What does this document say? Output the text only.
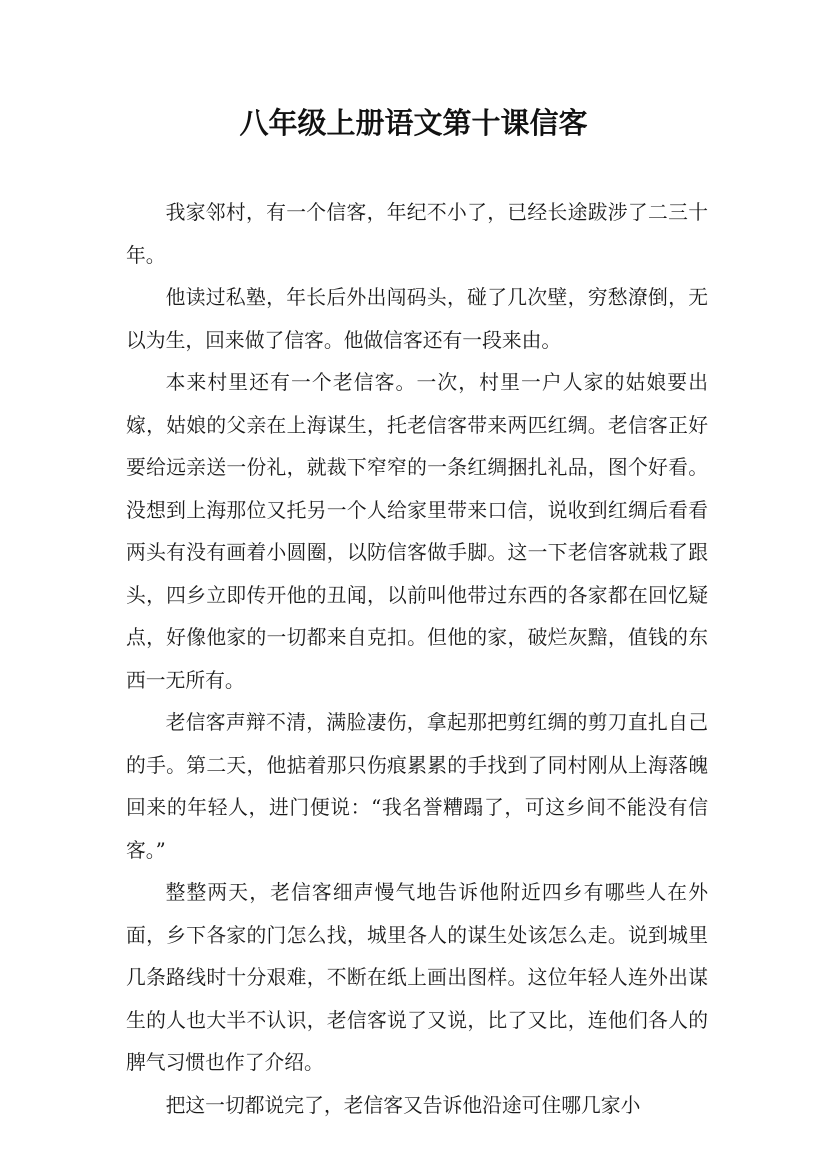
八年级上册语文第十课信客

我家邻村，有一个信客，年纪不小了，已经长途跋涉了二三十年。

他读过私塾，年长后外出闯码头，碰了几次壁，穷愁潦倒，无以为生，回来做了信客。他做信客还有一段来由。

本来村里还有一个老信客。一次，村里一户人家的姑娘要出嫁，姑娘的父亲在上海谋生，托老信客带来两匹红绸。老信客正好要给远亲送一份礼，就裁下窄窄的一条红绸捆扎礼品，图个好看。没想到上海那位又托另一个人给家里带来口信，说收到红绸后看看两头有没有画着小圆圈，以防信客做手脚。这一下老信客就栽了跟头，四乡立即传开他的丑闻，以前叫他带过东西的各家都在回忆疑点，好像他家的一切都来自克扣。但他的家，破烂灰黯，值钱的东西一无所有。

老信客声辩不清，满脸凄伤，拿起那把剪红绸的剪刀直扎自己的手。第二天，他掂着那只伤痕累累的手找到了同村刚从上海落魄回来的年轻人，进门便说：“我名誉糟蹋了，可这乡间不能没有信客。”

整整两天，老信客细声慢气地告诉他附近四乡有哪些人在外面，乡下各家的门怎么找，城里各人的谋生处该怎么走。说到城里几条路线时十分艰难，不断在纸上画出图样。这位年轻人连外出谋生的人也大半不认识，老信客说了又说，比了又比，连他们各人的脾气习惯也作了介绍。

把这一切都说完了，老信客又告诉他沿途可住哪几家小
